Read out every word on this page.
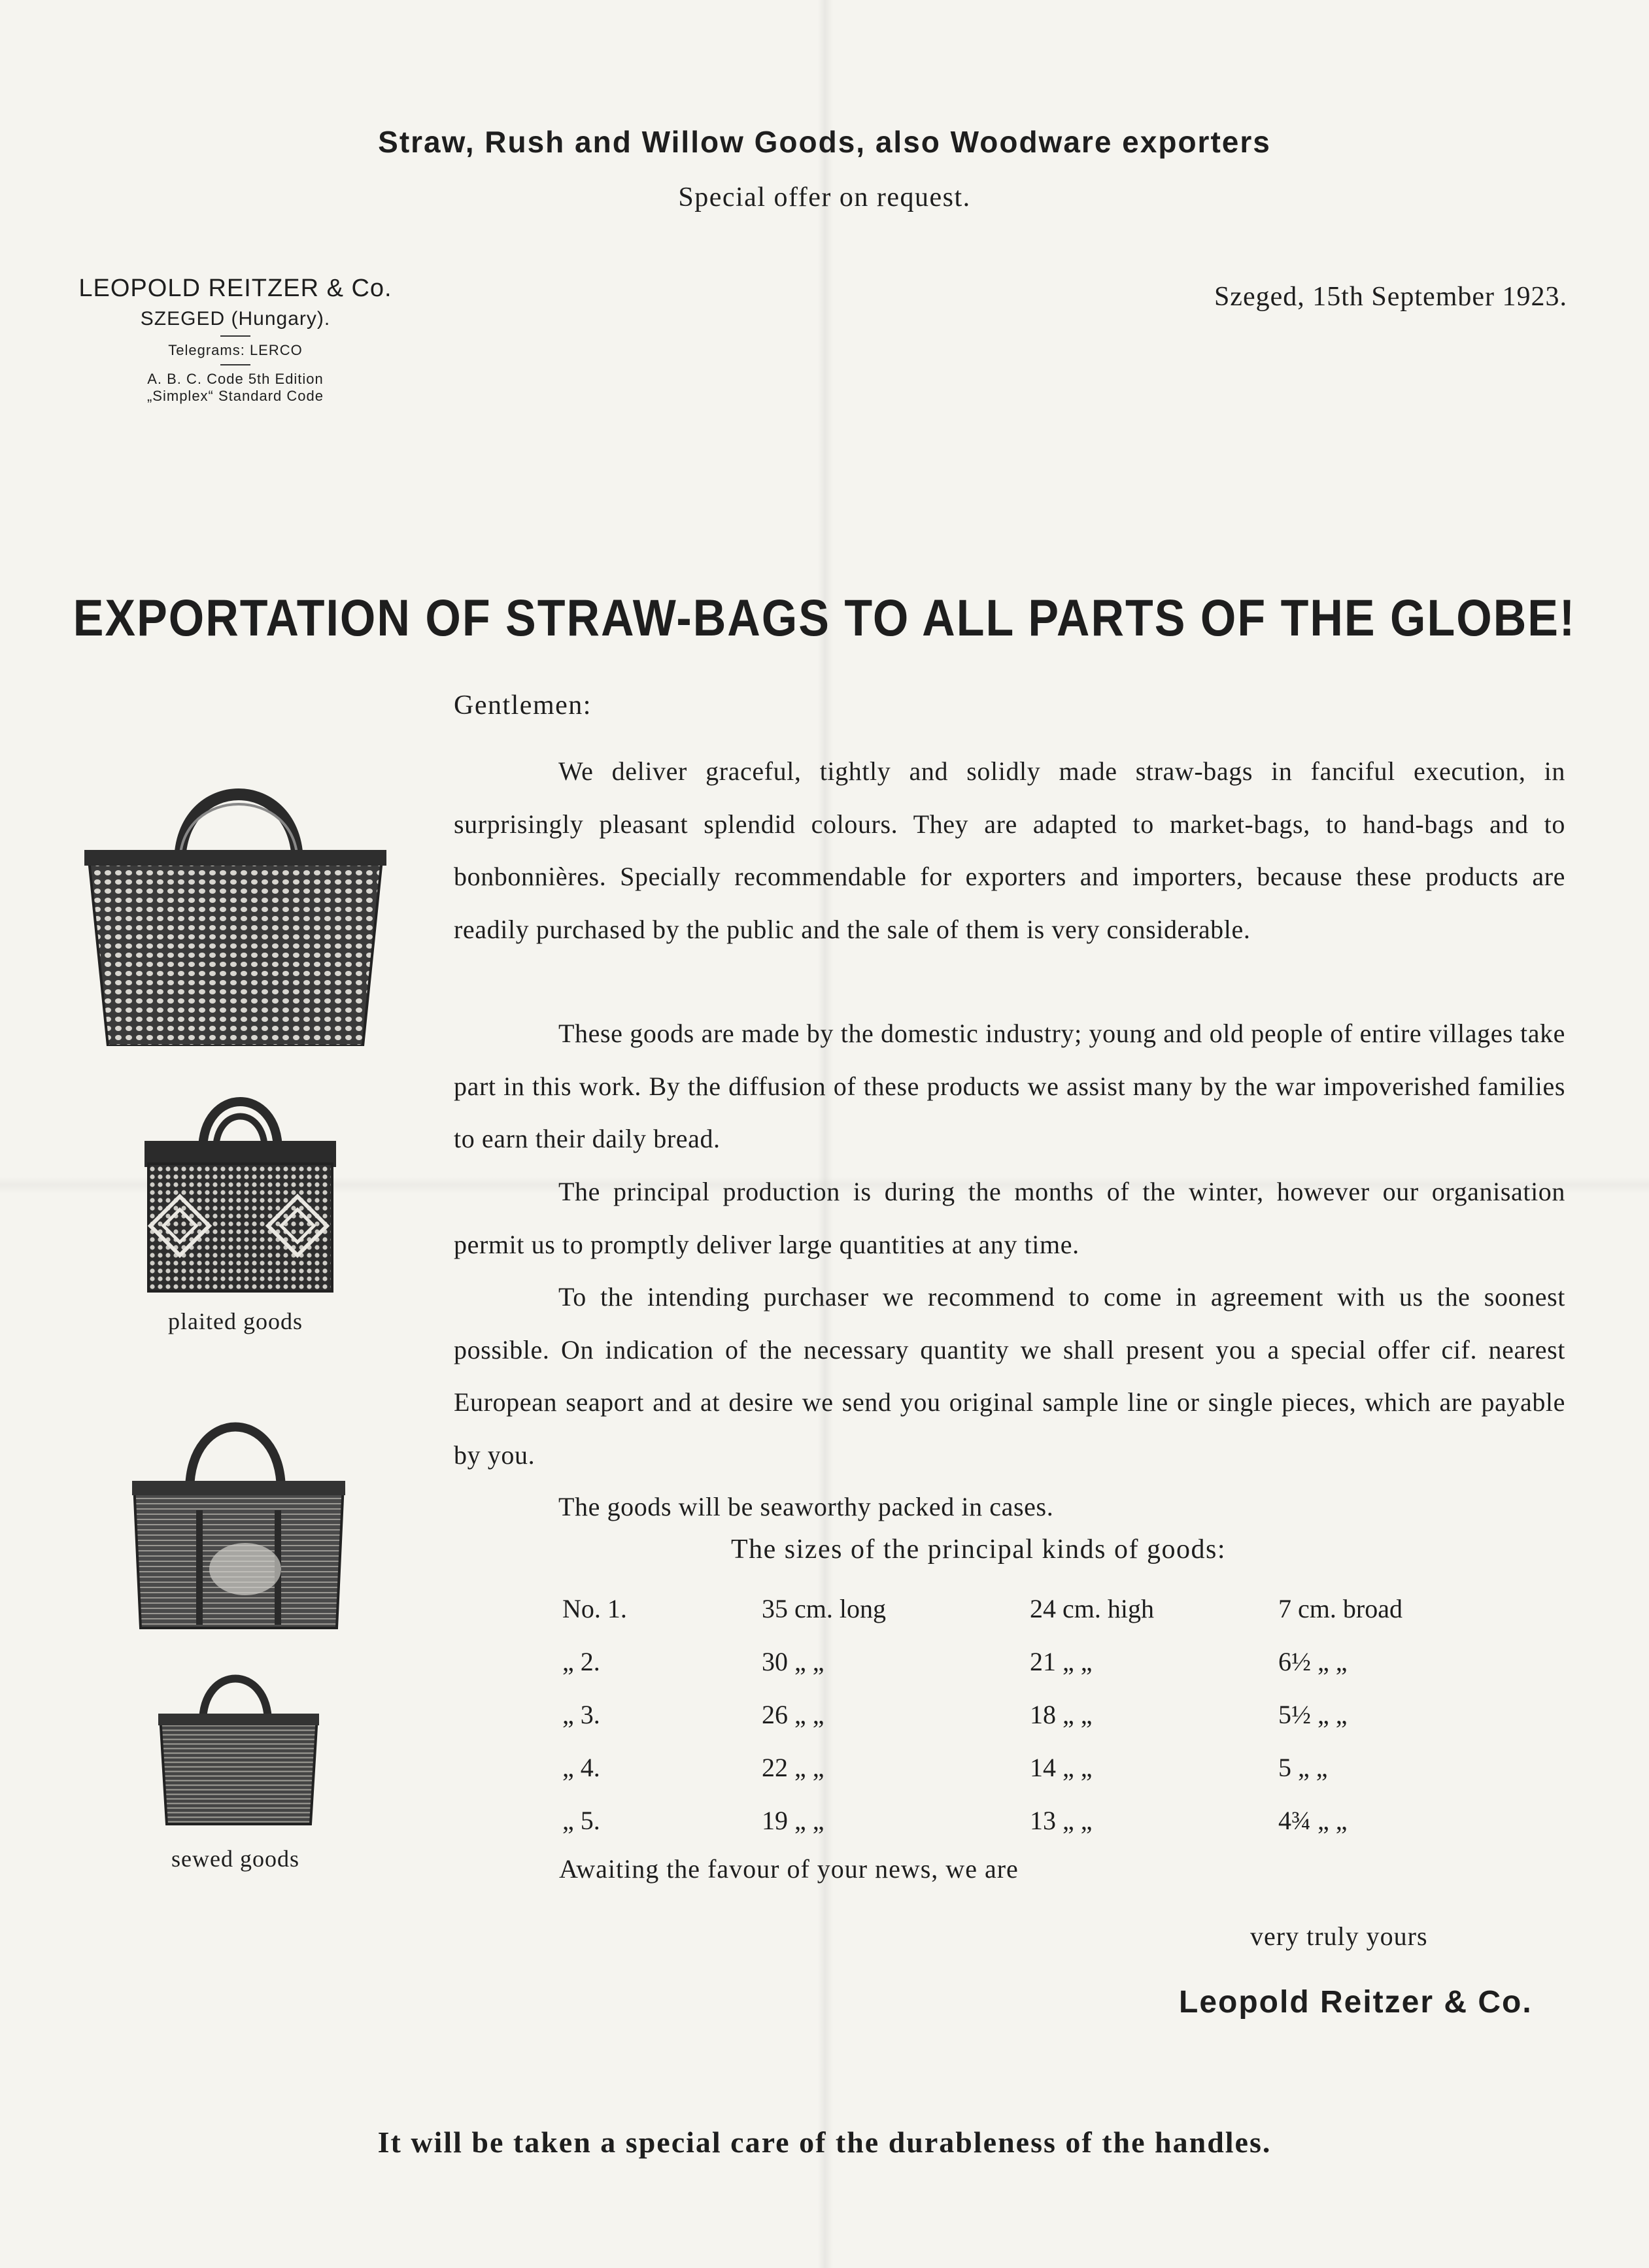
Straw, Rush and Willow Goods, also Woodware exporters
Special offer on request.
LEOPOLD REITZER & Co.
SZEGED (Hungary).
Telegrams: LERCO
A. B. C. Code 5th Edition
„Simplex“ Standard Code
Szeged, 15th September 1923.
EXPORTATION OF STRAW-BAGS TO ALL PARTS OF THE GLOBE!
Gentlemen:
We deliver graceful, tightly and solidly made straw-bags in fanciful execution, in surprisingly pleasant splendid colours. They are adapted to market-bags, to hand-bags and to bonbonnières. Specially recommendable for exporters and importers, because these products are readily purchased by the public and the sale of them is very considerable.
These goods are made by the domestic industry; young and old people of entire villages take part in this work. By the diffusion of these products we assist many by the war impoverished families to earn their daily bread.
The principal production is during the months of the winter, however our organisation permit us to promptly deliver large quantities at any time.
To the intending purchaser we recommend to come in agreement with us the soonest possible. On indication of the necessary quantity we shall present you a special offer cif. nearest European seaport and at desire we send you original sample line or single pieces, which are payable by you.
The goods will be seaworthy packed in cases.
The sizes of the principal kinds of goods:
No. 1.	35 cm. long	24 cm. high	7 cm. broad
„ 2.	30 „ „	21 „ „	6½ „ „
„ 3.	26 „ „	18 „ „	5½ „ „
„ 4.	22 „ „	14 „ „	5 „ „
„ 5.	19 „ „	13 „ „	4¾ „ „
Awaiting the favour of your news, we are
very truly yours
Leopold Reitzer & Co.
It will be taken a special care of the durableness of the handles.
plaited goods
sewed goods
